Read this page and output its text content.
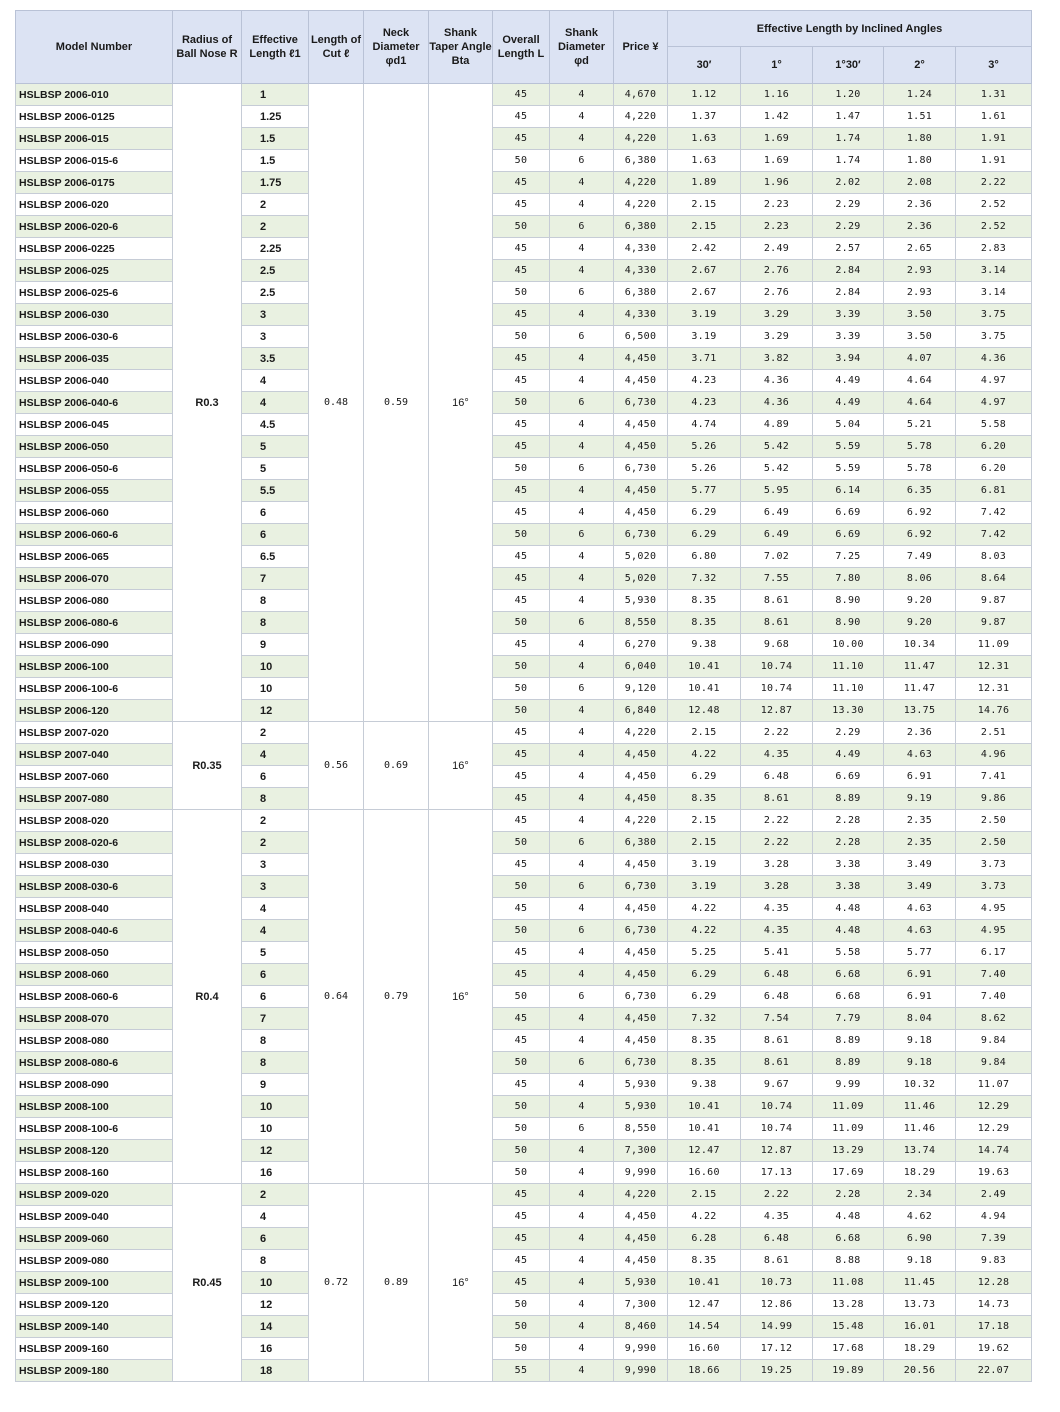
Model Number	Radius of Ball Nose R	Effective Length ℓ1	Length of Cut ℓ	Neck Diameter φd1	Shank Taper Angle Bta	Overall Length L	Shank Diameter φd	Price ¥	Effective Length by Inclined Angles				
									30′	1°	1°30′	2°	3°
HSLBSP 2006-010	R0.3	1	0.48	0.59	16°	45	4	4,670	1.12	1.16	1.20	1.24	1.31
HSLBSP 2006-0125		1.25				45	4	4,220	1.37	1.42	1.47	1.51	1.61
HSLBSP 2006-015		1.5				45	4	4,220	1.63	1.69	1.74	1.80	1.91
HSLBSP 2006-015-6		1.5				50	6	6,380	1.63	1.69	1.74	1.80	1.91
HSLBSP 2006-0175		1.75				45	4	4,220	1.89	1.96	2.02	2.08	2.22
HSLBSP 2006-020		2				45	4	4,220	2.15	2.23	2.29	2.36	2.52
HSLBSP 2006-020-6		2				50	6	6,380	2.15	2.23	2.29	2.36	2.52
HSLBSP 2006-0225		2.25				45	4	4,330	2.42	2.49	2.57	2.65	2.83
HSLBSP 2006-025		2.5				45	4	4,330	2.67	2.76	2.84	2.93	3.14
HSLBSP 2006-025-6		2.5				50	6	6,380	2.67	2.76	2.84	2.93	3.14
HSLBSP 2006-030		3				45	4	4,330	3.19	3.29	3.39	3.50	3.75
HSLBSP 2006-030-6		3				50	6	6,500	3.19	3.29	3.39	3.50	3.75
HSLBSP 2006-035		3.5				45	4	4,450	3.71	3.82	3.94	4.07	4.36
HSLBSP 2006-040		4				45	4	4,450	4.23	4.36	4.49	4.64	4.97
HSLBSP 2006-040-6		4				50	6	6,730	4.23	4.36	4.49	4.64	4.97
HSLBSP 2006-045		4.5				45	4	4,450	4.74	4.89	5.04	5.21	5.58
HSLBSP 2006-050		5				45	4	4,450	5.26	5.42	5.59	5.78	6.20
HSLBSP 2006-050-6		5				50	6	6,730	5.26	5.42	5.59	5.78	6.20
HSLBSP 2006-055		5.5				45	4	4,450	5.77	5.95	6.14	6.35	6.81
HSLBSP 2006-060		6				45	4	4,450	6.29	6.49	6.69	6.92	7.42
HSLBSP 2006-060-6		6				50	6	6,730	6.29	6.49	6.69	6.92	7.42
HSLBSP 2006-065		6.5				45	4	5,020	6.80	7.02	7.25	7.49	8.03
HSLBSP 2006-070		7				45	4	5,020	7.32	7.55	7.80	8.06	8.64
HSLBSP 2006-080		8				45	4	5,930	8.35	8.61	8.90	9.20	9.87
HSLBSP 2006-080-6		8				50	6	8,550	8.35	8.61	8.90	9.20	9.87
HSLBSP 2006-090		9				45	4	6,270	9.38	9.68	10.00	10.34	11.09
HSLBSP 2006-100		10				50	4	6,040	10.41	10.74	11.10	11.47	12.31
HSLBSP 2006-100-6		10				50	6	9,120	10.41	10.74	11.10	11.47	12.31
HSLBSP 2006-120		12				50	4	6,840	12.48	12.87	13.30	13.75	14.76
HSLBSP 2007-020	R0.35	2	0.56	0.69	16°	45	4	4,220	2.15	2.22	2.29	2.36	2.51
HSLBSP 2007-040		4				45	4	4,450	4.22	4.35	4.49	4.63	4.96
HSLBSP 2007-060		6				45	4	4,450	6.29	6.48	6.69	6.91	7.41
HSLBSP 2007-080		8				45	4	4,450	8.35	8.61	8.89	9.19	9.86
HSLBSP 2008-020	R0.4	2	0.64	0.79	16°	45	4	4,220	2.15	2.22	2.28	2.35	2.50
HSLBSP 2008-020-6		2				50	6	6,380	2.15	2.22	2.28	2.35	2.50
HSLBSP 2008-030		3				45	4	4,450	3.19	3.28	3.38	3.49	3.73
HSLBSP 2008-030-6		3				50	6	6,730	3.19	3.28	3.38	3.49	3.73
HSLBSP 2008-040		4				45	4	4,450	4.22	4.35	4.48	4.63	4.95
HSLBSP 2008-040-6		4				50	6	6,730	4.22	4.35	4.48	4.63	4.95
HSLBSP 2008-050		5				45	4	4,450	5.25	5.41	5.58	5.77	6.17
HSLBSP 2008-060		6				45	4	4,450	6.29	6.48	6.68	6.91	7.40
HSLBSP 2008-060-6		6				50	6	6,730	6.29	6.48	6.68	6.91	7.40
HSLBSP 2008-070		7				45	4	4,450	7.32	7.54	7.79	8.04	8.62
HSLBSP 2008-080		8				45	4	4,450	8.35	8.61	8.89	9.18	9.84
HSLBSP 2008-080-6		8				50	6	6,730	8.35	8.61	8.89	9.18	9.84
HSLBSP 2008-090		9				45	4	5,930	9.38	9.67	9.99	10.32	11.07
HSLBSP 2008-100		10				50	4	5,930	10.41	10.74	11.09	11.46	12.29
HSLBSP 2008-100-6		10				50	6	8,550	10.41	10.74	11.09	11.46	12.29
HSLBSP 2008-120		12				50	4	7,300	12.47	12.87	13.29	13.74	14.74
HSLBSP 2008-160		16				50	4	9,990	16.60	17.13	17.69	18.29	19.63
HSLBSP 2009-020	R0.45	2	0.72	0.89	16°	45	4	4,220	2.15	2.22	2.28	2.34	2.49
HSLBSP 2009-040		4				45	4	4,450	4.22	4.35	4.48	4.62	4.94
HSLBSP 2009-060		6				45	4	4,450	6.28	6.48	6.68	6.90	7.39
HSLBSP 2009-080		8				45	4	4,450	8.35	8.61	8.88	9.18	9.83
HSLBSP 2009-100		10				45	4	5,930	10.41	10.73	11.08	11.45	12.28
HSLBSP 2009-120		12				50	4	7,300	12.47	12.86	13.28	13.73	14.73
HSLBSP 2009-140		14				50	4	8,460	14.54	14.99	15.48	16.01	17.18
HSLBSP 2009-160		16				50	4	9,990	16.60	17.12	17.68	18.29	19.62
HSLBSP 2009-180		18				55	4	9,990	18.66	19.25	19.89	20.56	22.07
